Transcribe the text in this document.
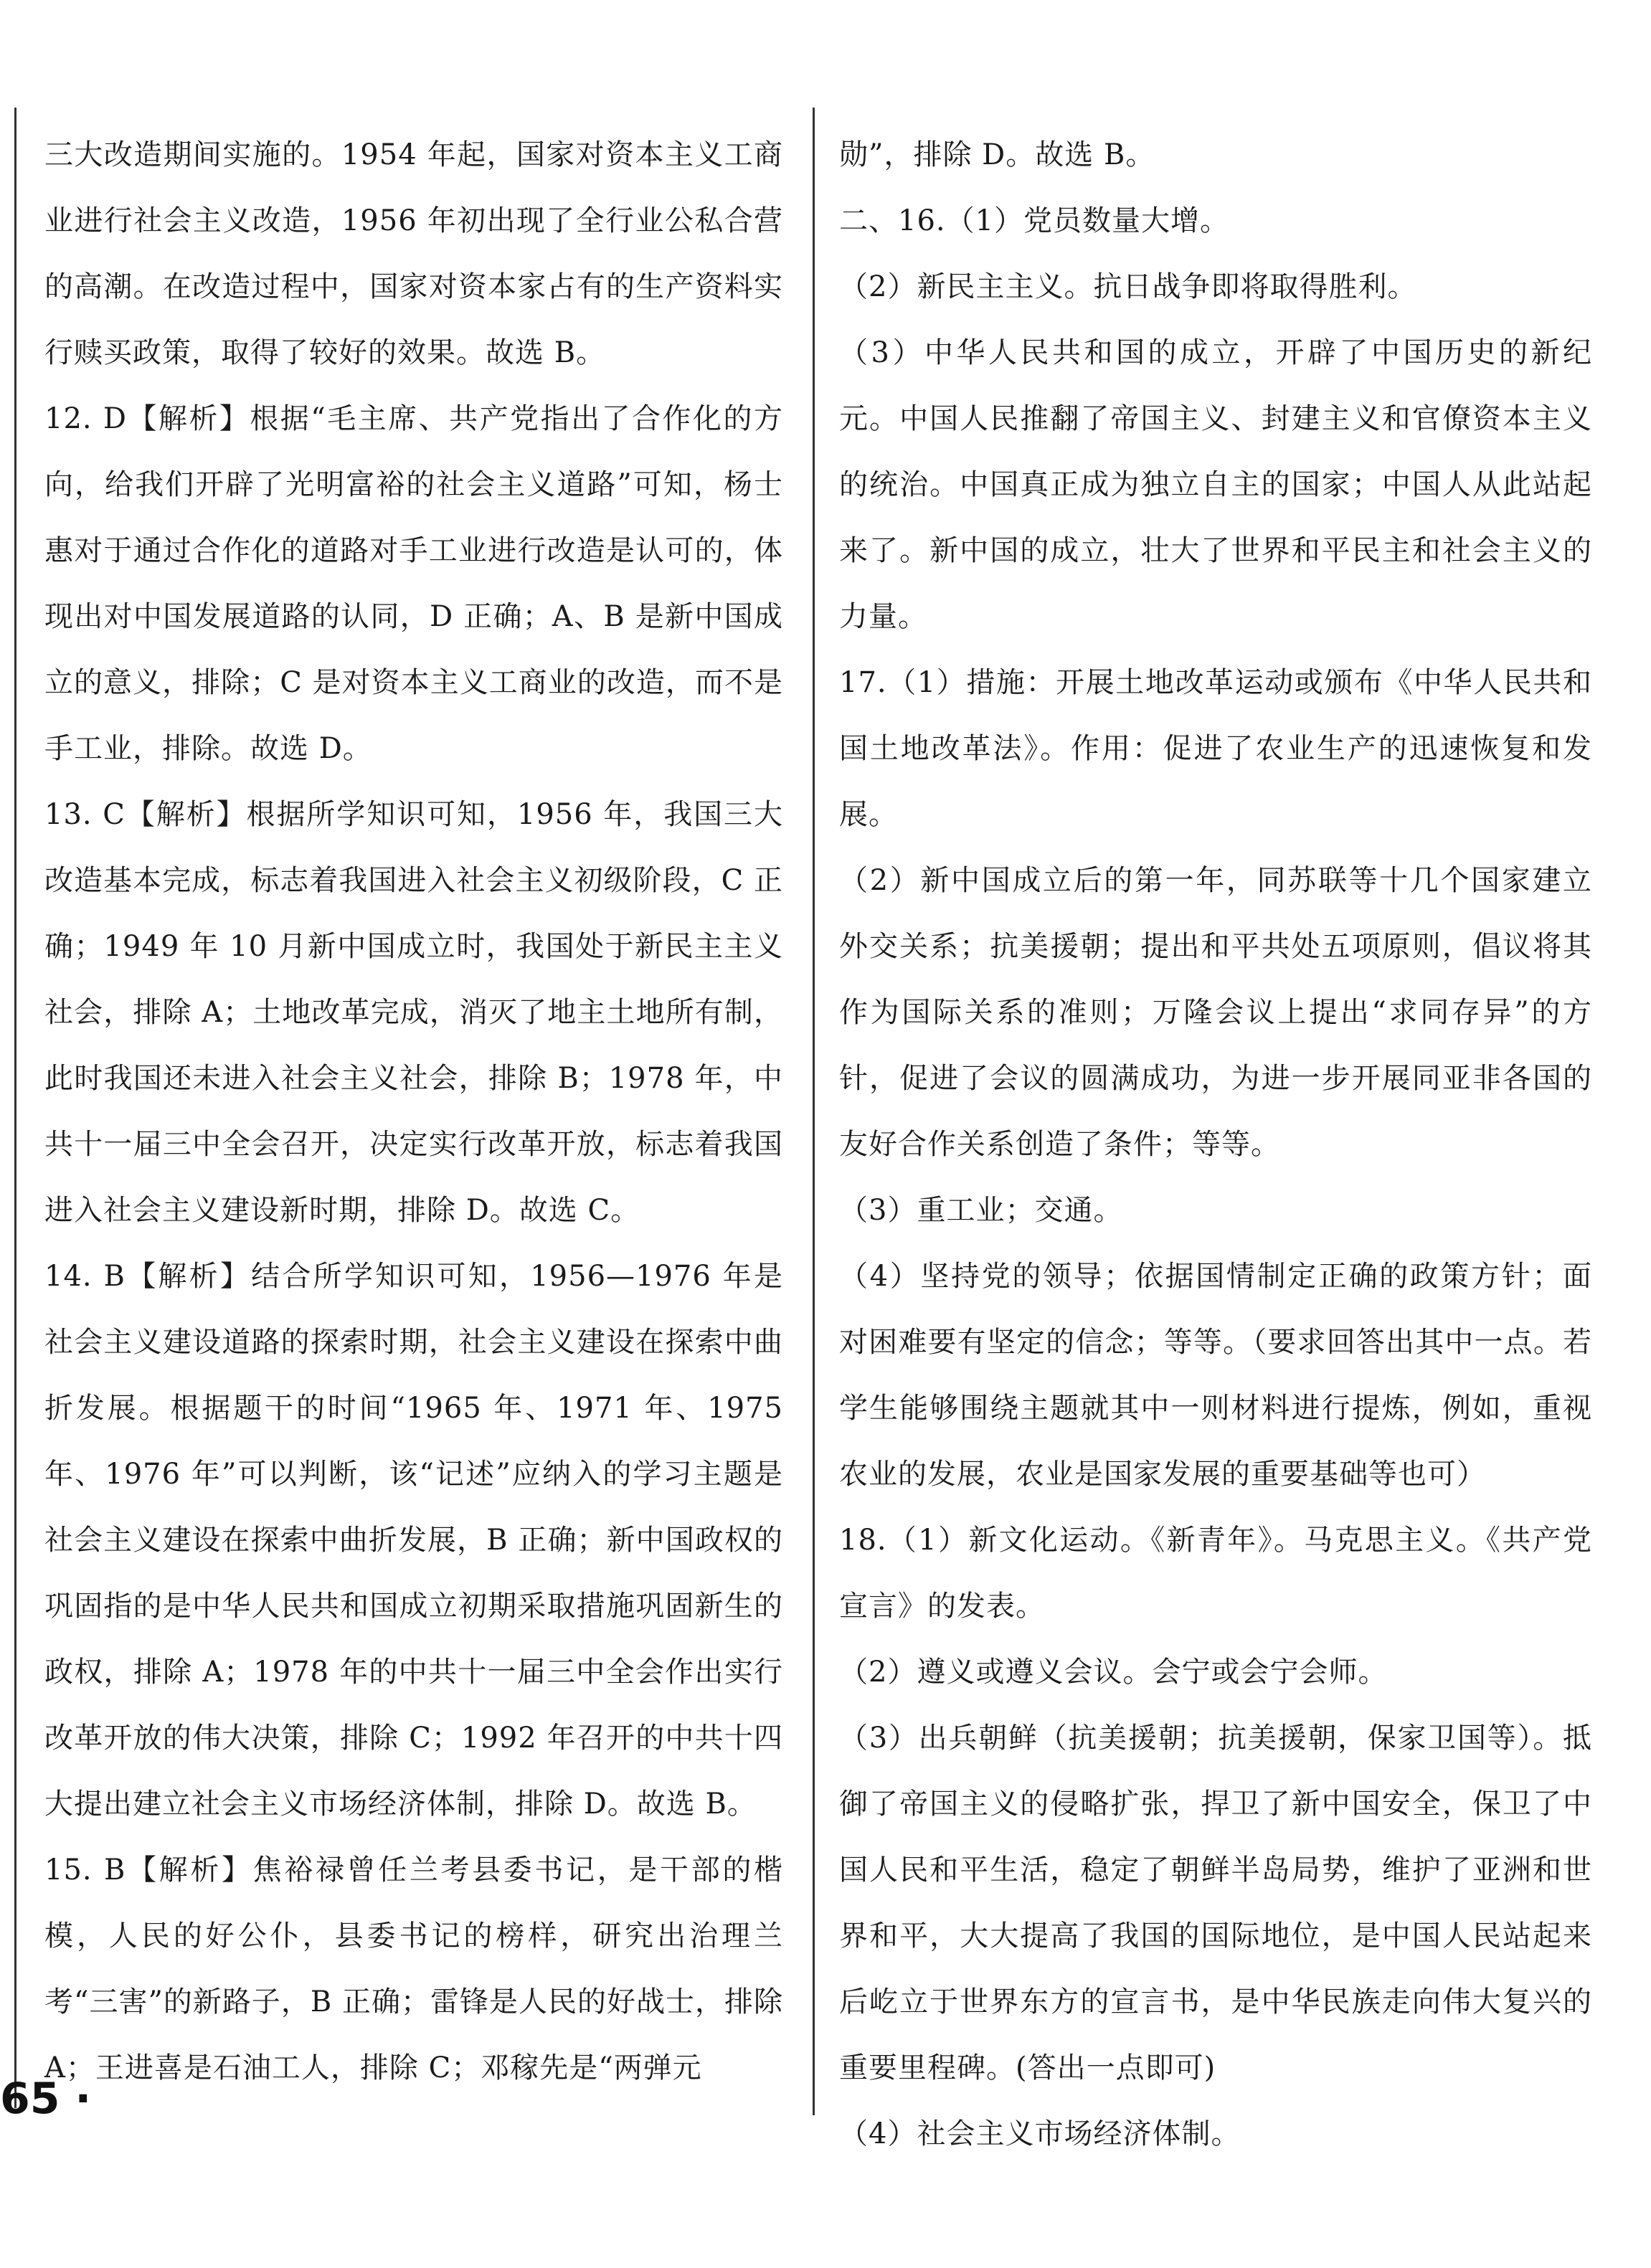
三大改造期间实施的。1954 年起，国家对资本主义工商业进行社会主义改造，1956 年初出现了全行业公私合营的高潮。在改造过程中，国家对资本家占有的生产资料实行赎买政策，取得了较好的效果。故选 B。

12. D【解析】根据“毛主席、共产党指出了合作化的方向，给我们开辟了光明富裕的社会主义道路”可知，杨士惠对于通过合作化的道路对手工业进行改造是认可的，体现出对中国发展道路的认同，D 正确；A、B 是新中国成立的意义，排除；C 是对资本主义工商业的改造，而不是手工业，排除。故选 D。

13. C【解析】根据所学知识可知，1956 年，我国三大改造基本完成，标志着我国进入社会主义初级阶段，C 正确；1949 年 10 月新中国成立时，我国处于新民主主义社会，排除 A；土地改革完成，消灭了地主土地所有制，此时我国还未进入社会主义社会，排除 B；1978 年，中共十一届三中全会召开，决定实行改革开放，标志着我国进入社会主义建设新时期，排除 D。故选 C。

14. B【解析】结合所学知识可知，1956—1976 年是社会主义建设道路的探索时期，社会主义建设在探索中曲折发展。根据题干的时间“1965 年、1971 年、1975 年、1976 年”可以判断，该“记述”应纳入的学习主题是社会主义建设在探索中曲折发展，B 正确；新中国政权的巩固指的是中华人民共和国成立初期采取措施巩固新生的政权，排除 A；1978 年的中共十一届三中全会作出实行改革开放的伟大决策，排除 C；1992 年召开的中共十四大提出建立社会主义市场经济体制，排除 D。故选 B。

15. B【解析】焦裕禄曾任兰考县委书记，是干部的楷模，人民的好公仆，县委书记的榜样，研究出治理兰考“三害”的新路子，B 正确；雷锋是人民的好战士，排除 A；王进喜是石油工人，排除 C；邓稼先是“两弹元

勋”，排除 D。故选 B。

二、16.（1）党员数量大增。

（2）新民主主义。抗日战争即将取得胜利。

（3）中华人民共和国的成立，开辟了中国历史的新纪元。中国人民推翻了帝国主义、封建主义和官僚资本主义的统治。中国真正成为独立自主的国家；中国人从此站起来了。新中国的成立，壮大了世界和平民主和社会主义的力量。

17.（1）措施：开展土地改革运动或颁布《中华人民共和国土地改革法》。作用：促进了农业生产的迅速恢复和发展。

（2）新中国成立后的第一年，同苏联等十几个国家建立外交关系；抗美援朝；提出和平共处五项原则，倡议将其作为国际关系的准则；万隆会议上提出“求同存异”的方针，促进了会议的圆满成功，为进一步开展同亚非各国的友好合作关系创造了条件；等等。

（3）重工业；交通。

（4）坚持党的领导；依据国情制定正确的政策方针；面对困难要有坚定的信念；等等。（要求回答出其中一点。若学生能够围绕主题就其中一则材料进行提炼，例如，重视农业的发展，农业是国家发展的重要基础等也可）

18.（1）新文化运动。《新青年》。马克思主义。《共产党宣言》的发表。

（2）遵义或遵义会议。会宁或会宁会师。

（3）出兵朝鲜（抗美援朝；抗美援朝，保家卫国等）。抵御了帝国主义的侵略扩张，捍卫了新中国安全，保卫了中国人民和平生活，稳定了朝鲜半岛局势，维护了亚洲和世界和平，大大提高了我国的国际地位，是中国人民站起来后屹立于世界东方的宣言书，是中华民族走向伟大复兴的重要里程碑。(答出一点即可)

（4）社会主义市场经济体制。

65 ·
